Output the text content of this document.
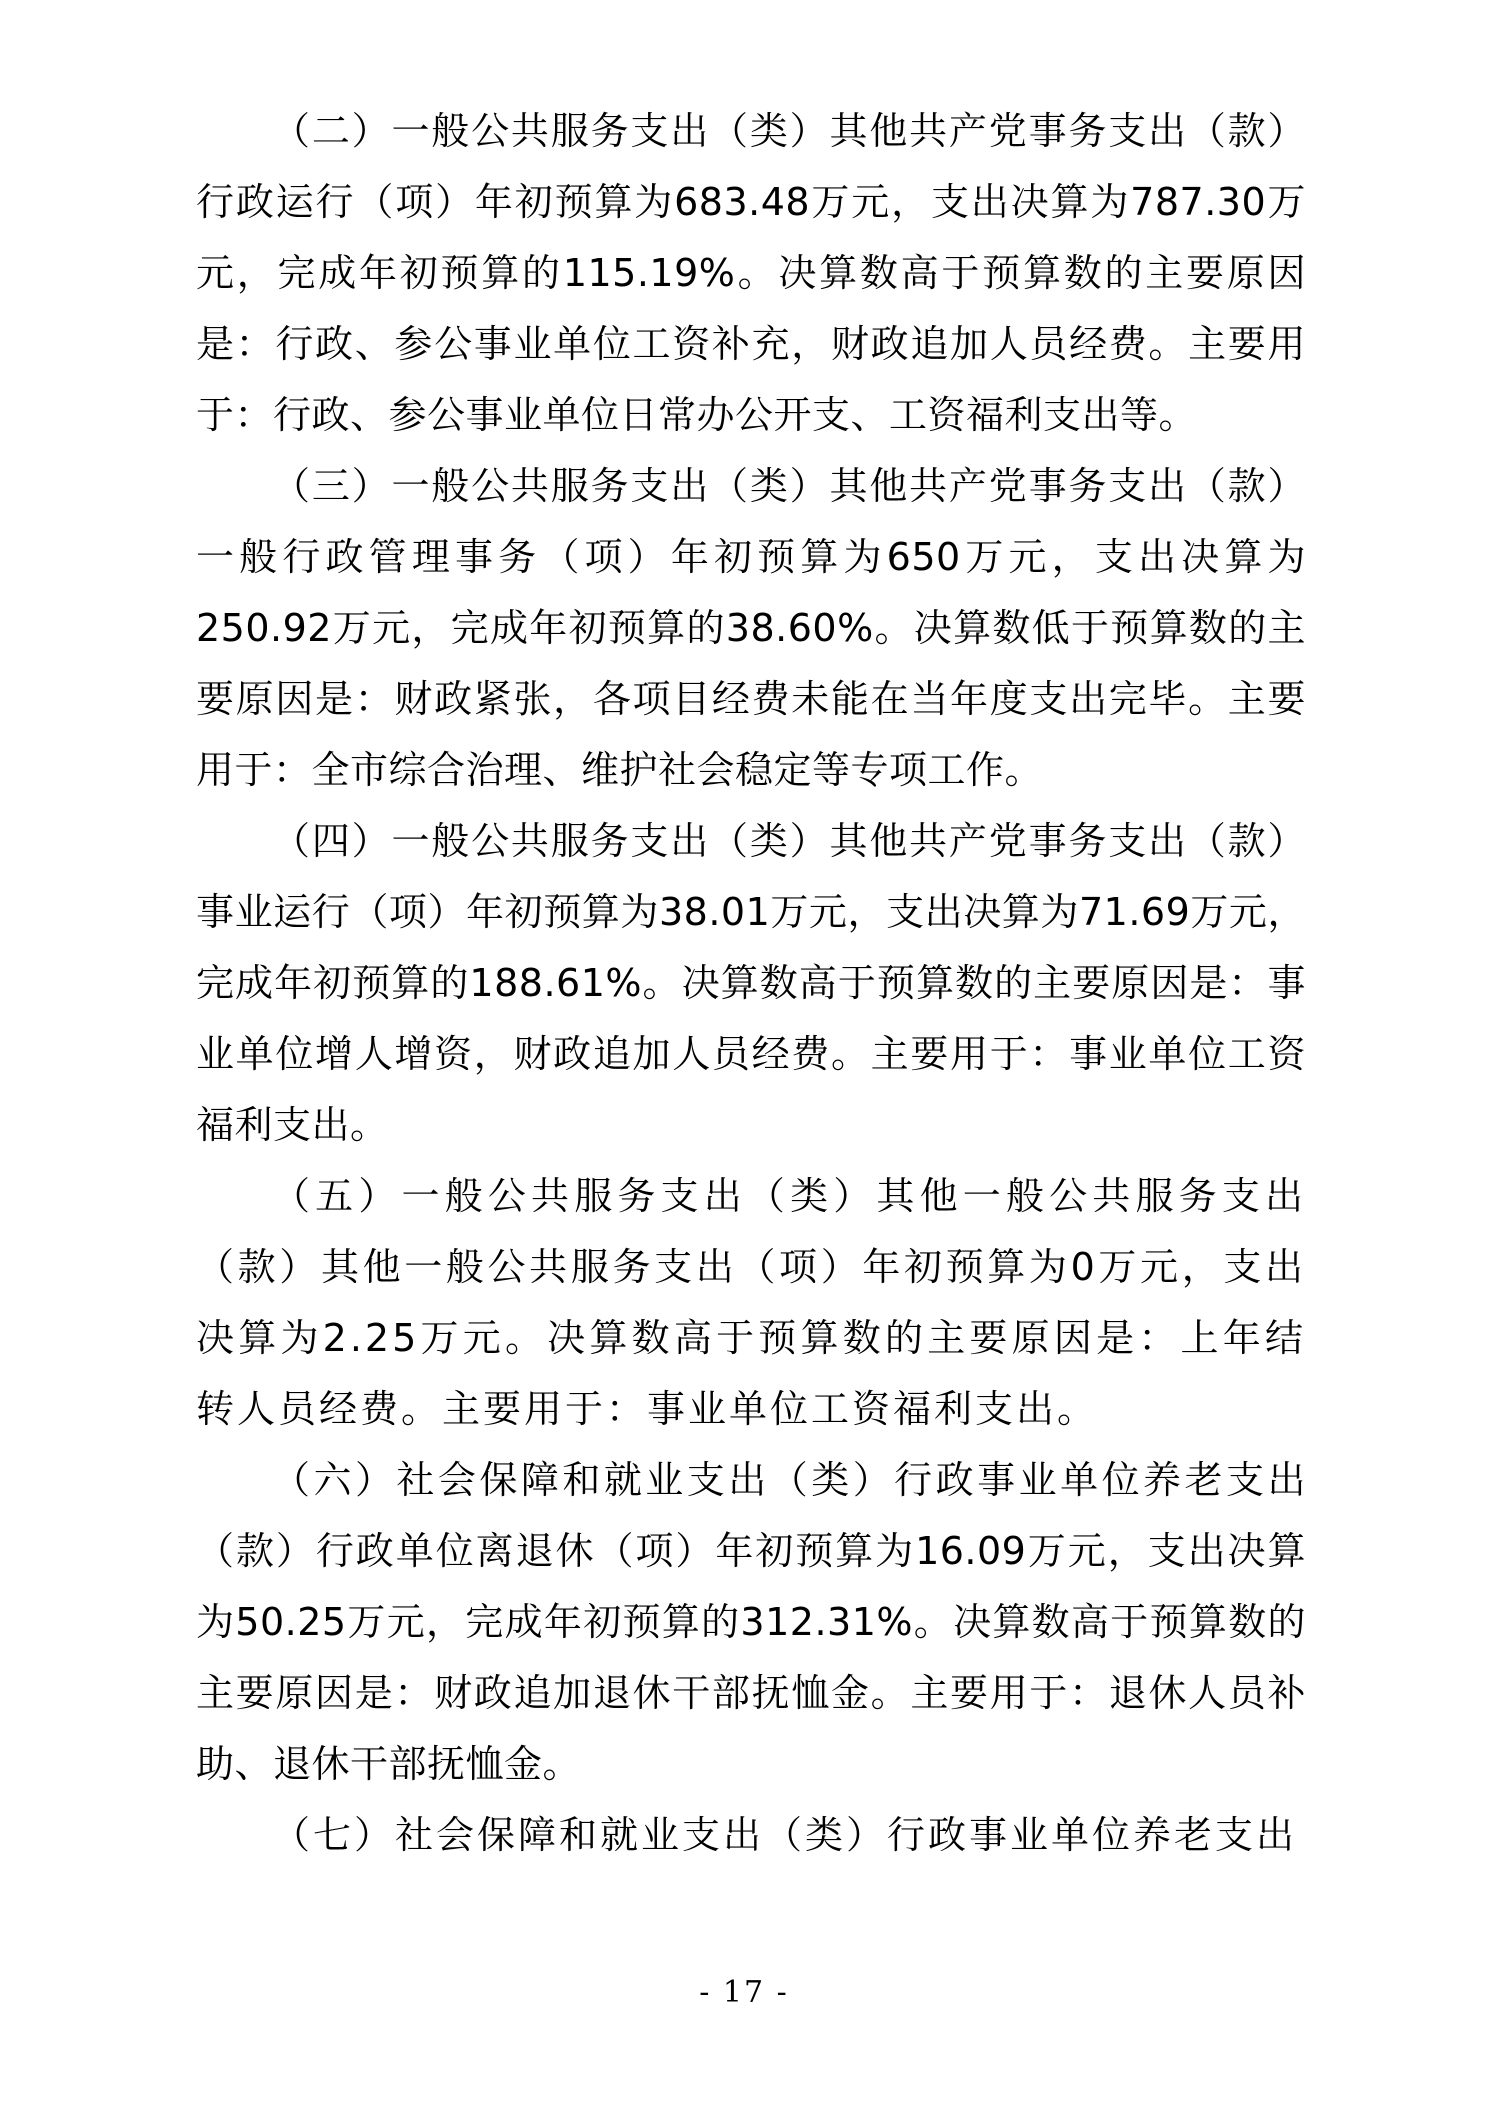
（二）一般公共服务支出（类）其他共产党事务支出（款）行政运行（项）年初预算为683.48万元，支出决算为787.30万元，完成年初预算的115.19%。决算数高于预算数的主要原因是：行政、参公事业单位工资补充，财政追加人员经费。主要用于：行政、参公事业单位日常办公开支、工资福利支出等。

（三）一般公共服务支出（类）其他共产党事务支出（款）一般行政管理事务（项）年初预算为650万元，支出决算为250.92万元，完成年初预算的38.60%。决算数低于预算数的主要原因是：财政紧张，各项目经费未能在当年度支出完毕。主要用于：全市综合治理、维护社会稳定等专项工作。

（四）一般公共服务支出（类）其他共产党事务支出（款）事业运行（项）年初预算为38.01万元，支出决算为71.69万元，完成年初预算的188.61%。决算数高于预算数的主要原因是：事业单位增人增资，财政追加人员经费。主要用于：事业单位工资福利支出。

（五）一般公共服务支出（类）其他一般公共服务支出（款）其他一般公共服务支出（项）年初预算为0万元，支出决算为2.25万元。决算数高于预算数的主要原因是：上年结转人员经费。主要用于：事业单位工资福利支出。

（六）社会保障和就业支出（类）行政事业单位养老支出（款）行政单位离退休（项）年初预算为16.09万元，支出决算为50.25万元，完成年初预算的312.31%。决算数高于预算数的主要原因是：财政追加退休干部抚恤金。主要用于：退休人员补助、退休干部抚恤金。

（七）社会保障和就业支出（类）行政事业单位养老支出

- 17 -
